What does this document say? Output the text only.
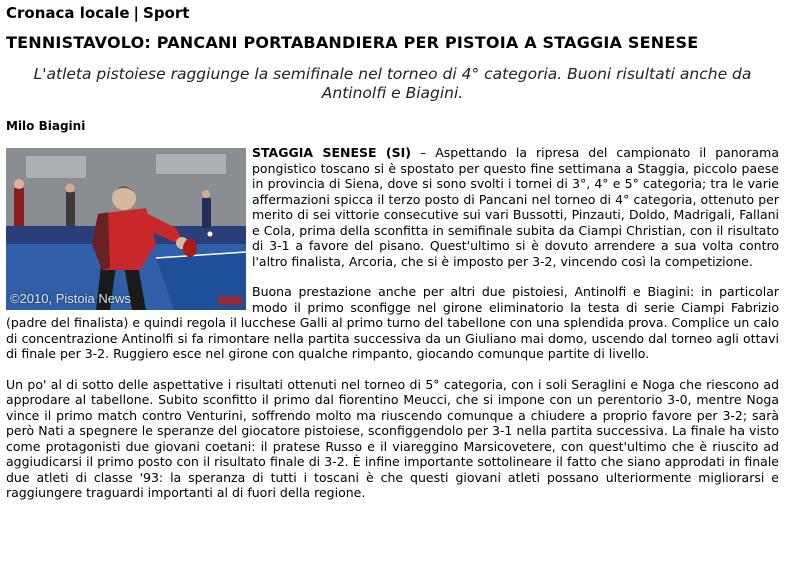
Cronaca locale | Sport
TENNISTAVOLO: PANCANI PORTABANDIERA PER PISTOIA A STAGGIA SENESE
L'atleta pistoiese raggiunge la semifinale nel torneo di 4° categoria. Buoni risultati anche da Antinolfi e Biagini.
Milo Biagini
©2010, Pistoia News

STAGGIA SENESE (SI) – Aspettando la ripresa del campionato il panorama pongistico toscano si è spostato per questo fine settimana a Staggia, piccolo paese in provincia di Siena, dove si sono svolti i tornei di 3°, 4° e 5° categoria; tra le varie affermazioni spicca il terzo posto di Pancani nel torneo di 4° categoria, ottenuto per merito di sei vittorie consecutive sui vari Bussotti, Pinzauti, Doldo, Madrigali, Fallani e Cola, prima della sconfitta in semifinale subita da Ciampi Christian, con il risultato di 3-1 a favore del pisano. Quest'ultimo si è dovuto arrendere a sua volta contro l'altro finalista, Arcoria, che si è imposto per 3-2, vincendo così la competizione.

Buona prestazione anche per altri due pistoiesi, Antinolfi e Biagini: in particolar modo il primo sconfigge nel girone eliminatorio la testa di serie Ciampi Fabrizio (padre del finalista) e quindi regola il lucchese Galli al primo turno del tabellone con una splendida prova. Complice un calo di concentrazione Antinolfi si fa rimontare nella partita successiva da un Giuliano mai domo, uscendo dal torneo agli ottavi di finale per 3-2. Ruggiero esce nel girone con qualche rimpanto, giocando comunque partite di livello.

Un po' al di sotto delle aspettative i risultati ottenuti nel torneo di 5° categoria, con i soli Seraglini e Noga che riescono ad approdare al tabellone. Subito sconfitto il primo dal fiorentino Meucci, che si impone con un perentorio 3-0, mentre Noga vince il primo match contro Venturini, soffrendo molto ma riuscendo comunque a chiudere a proprio favore per 3-2; sarà però Nati a spegnere le speranze del giocatore pistoiese, sconfiggendolo per 3-1 nella partita successiva. La finale ha visto come protagonisti due giovani coetani: il pratese Russo e il viareggino Marsicovetere, con quest'ultimo che è riuscito ad aggiudicarsi il primo posto con il risultato finale di 3-2. È infine importante sottolineare il fatto che siano approdati in finale due atleti di classe '93: la speranza di tutti i toscani è che questi giovani atleti possano ulteriormente migliorarsi e raggiungere traguardi importanti al di fuori della regione.
